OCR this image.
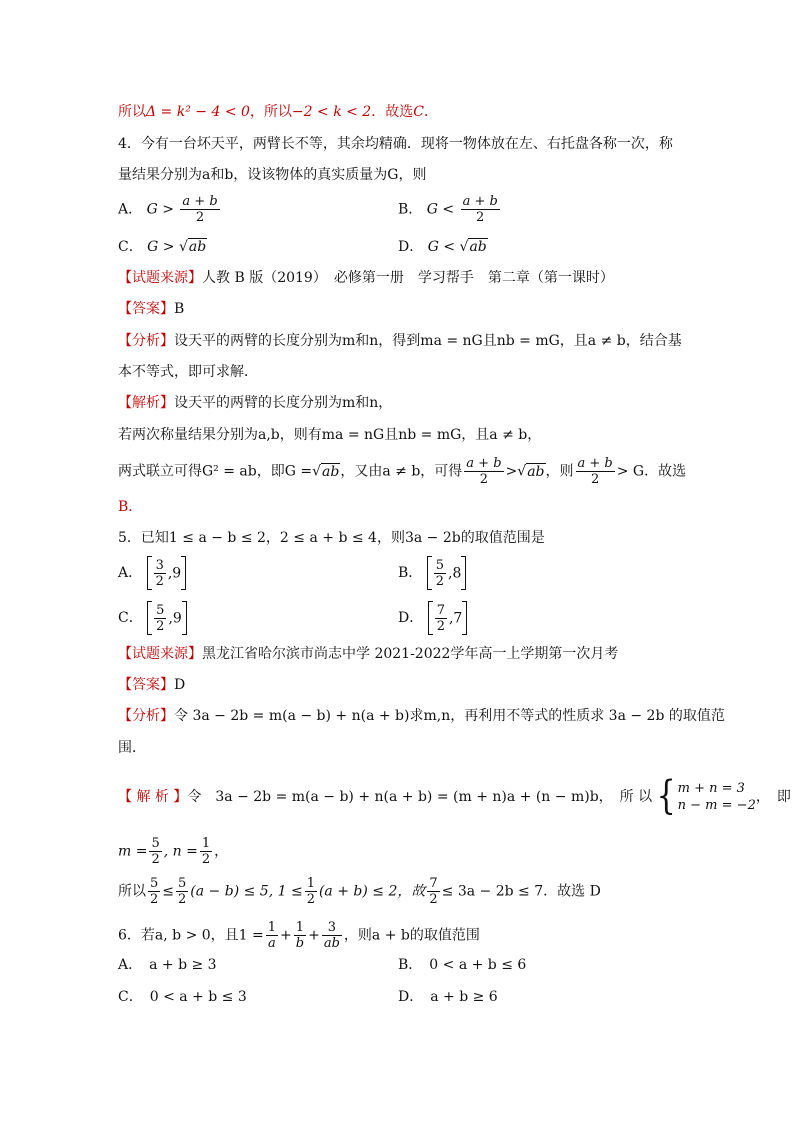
所以Δ = k² − 4 < 0，所以−2 < k < 2．故选C．
4．今有一台坏天平，两臂长不等，其余均精确．现将一物体放在左、右托盘各称一次，称
量结果分别为a和b，设该物体的真实质量为G，则
A． $G > \frac{a + b}{2}$	B． $G < \frac{a + b}{2}$
C． G > √ab	D． G < √ab
【试题来源】人教 B 版（2019）　必修第一册　学习帮手　第二章（第一课时）
【答案】B
【分析】设天平的两臂的长度分别为m和n，得到ma = nG且nb = mG，且a ≠ b，结合基
本不等式，即可求解．
【解析】设天平的两臂的长度分别为m和n，
若两次称量结果分别为a,b，则有ma = nG且nb = mG，且a ≠ b，
两式联立可得G² = ab，即G =√ab，又由a ≠ b，可得 $\frac{a + b}{2} >√ab$，则 $\frac{a + b}{2} > G$．故选
B．
5．已知1 ≤ a − b ≤ 2，2 ≤ a + b ≤ 4，则3a − 2b的取值范围是
A． $\frac{3}{2} ,9$	B． $\frac{5}{2} ,8$
C． $\frac{5}{2} ,9$	D． $\frac{7}{2} ,7$
【试题来源】黑龙江省哈尔滨市尚志中学 2021-2022学年高一上学期第一次月考
【答案】D
【分析】令 3a − 2b = m(a − b) + n(a + b)求m,n，再利用不等式的性质求 3a − 2b 的取值范
围．
【 解 析 】令　3a − 2b = m(a − b) + n(a + b) = (m + n)a + (n − m)b，　所 以 { m + n = 3
n − m = −2
，　即
$m = \frac{5}{2}$ , $n = \frac{1}{2}$ ，
所以 $\frac{5}{2} \le \frac{5}{2} (a - b) \le 5$, $1 \le \frac{1}{2} (a + b) \le 2$，故 $\frac{7}{2} \le 3a - 2b \le 7$．故选 D
6．若a, b > 0，且$1 = \frac{1}{a} + \frac{1}{b} + \frac{3}{ab}$ ，则a + b的取值范围
A．　a + b ≥ 3	B．　0 < a + b ≤ 6
C．　0 < a + b ≤ 3	D．　a + b ≥ 6
